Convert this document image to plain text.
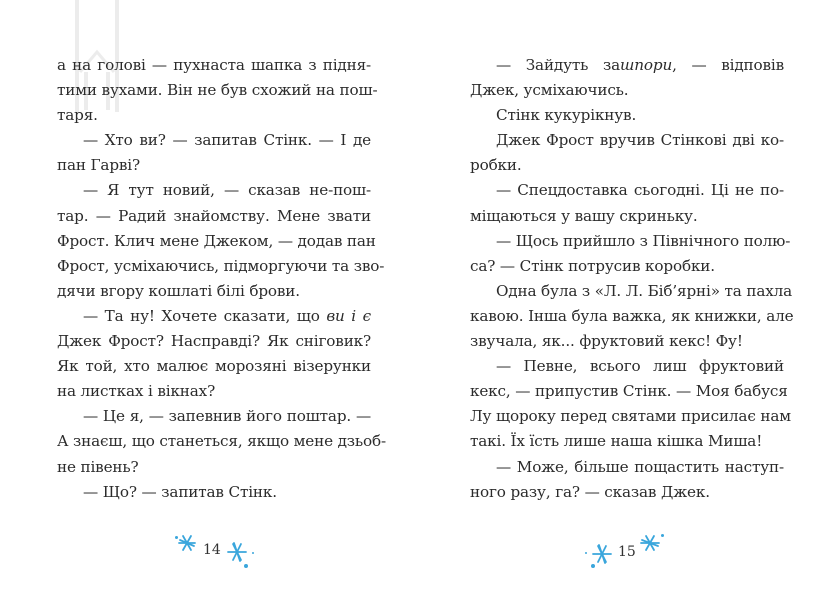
а на голові — пухнаста шапка з підня-
тими вухами. Він не був схожий на пош-
таря.
— Хто ви? — запитав Стінк. — І де
пан Гарві?
— Я тут новий, — сказав не-пош-
тар. — Радий знайомству. Мене звати
Фрост. Клич мене Джеком, — додав пан
Фрост, усміхаючись, підморгуючи та зво-
дячи вгору кошлаті білі брови.
— Та ну! Хочете сказати, що ви і є
Джек Фрост? Насправді? Як сніговик?
Як той, хто малює морозяні візерунки
на листках і вікнах?
— Це я, — запевнив його поштар. —
А знаєш, що станеться, якщо мене дзьоб-
не півень?
— Що? — запитав Стінк.
— Зайдуть зашпори, — відповів
Джек, усміхаючись.
Стінк кукурікнув.
Джек Фрост вручив Стінкові дві ко-
робки.
— Спецдоставка сьогодні. Ці не по-
міщаються у вашу скриньку.
— Щось прийшло з Північного полю-
са? — Стінк потрусив коробки.
Одна була з «Л. Л. Біб’ярні» та пахла
кавою. Інша була важка, як книжки, але
звучала, як... фруктовий кекс! Фу!
— Певне, всього лиш фруктовий
кекс, — припустив Стінк. — Моя бабуся
Лу щороку перед святами присилає нам
такі. Їх їсть лише наша кішка Миша!
— Може, більше пощастить наступ-
ного разу, га? — сказав Джек.
14	15
